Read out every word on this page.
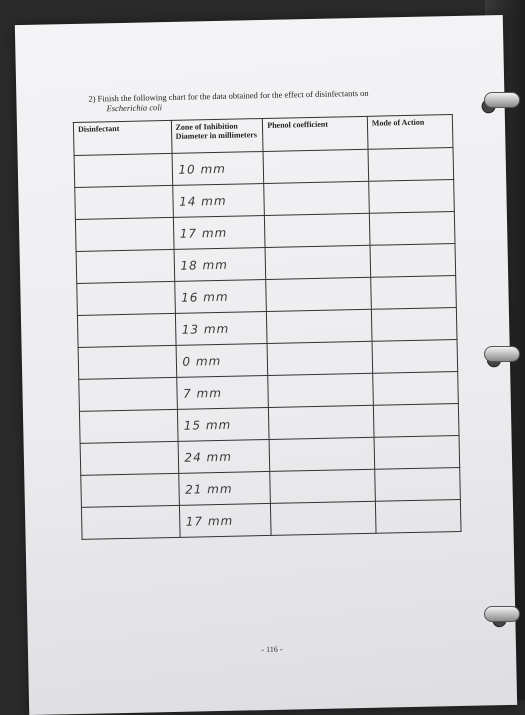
2) Finish the following chart for the data obtained for the effect of disinfectants on
Escherichia coli
Disinfectant	Zone of Inhibition Diameter in millimeters	Phenol coefficient	Mode of Action
	10 mm		
	14 mm		
	17 mm		
	18 mm		
	16 mm		
	13 mm		
	0 mm		
	7 mm		
	15 mm		
	24 mm		
	21 mm		
	17 mm		
- 116 -
